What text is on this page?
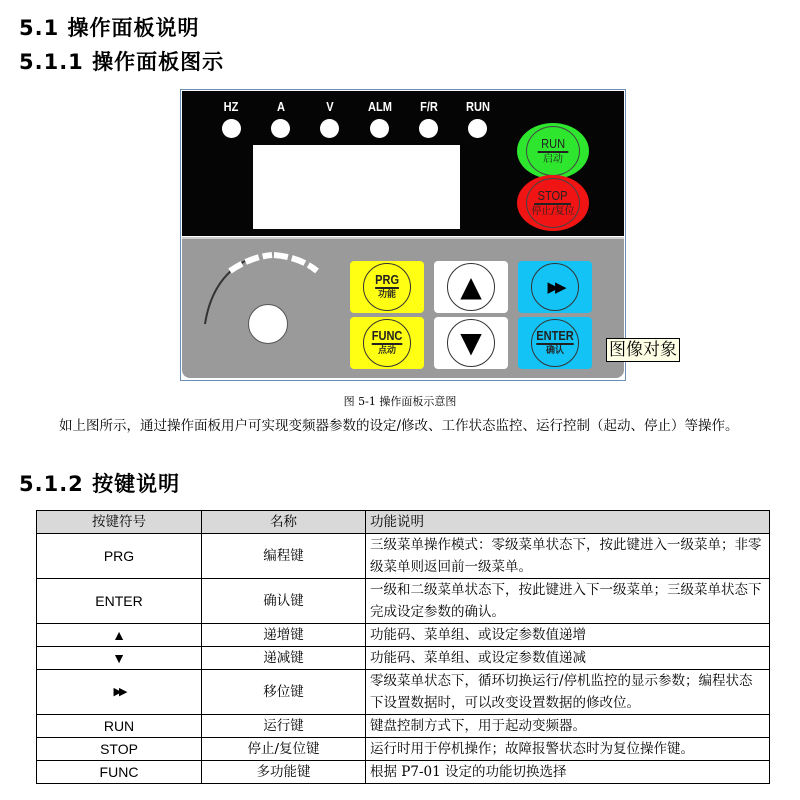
5.1 操作面板说明
5.1.1 操作面板图示
HZ	A	V	ALM F/R RUN
RUN
启动
STOP
停止/复位
PRG
功能
FUNC
点动
▲
▼
▶▶
ENTER
确认	图像对象
图 5-1 操作面板示意图
如上图所示，通过操作面板用户可实现变频器参数的设定/修改、工作状态监控、运行控制（起动、停止）等操作。
5.1.2 按键说明
按键符号	名称	功能说明
PRG	编程键	三级菜单操作模式：零级菜单状态下，按此键进入一级菜单；非零级菜单则返回前一级菜单。
ENTER	确认键	一级和二级菜单状态下，按此键进入下一级菜单；三级菜单状态下完成设定参数的确认。
▲	递增键	功能码、菜单组、或设定参数值递增
▼	递减键	功能码、菜单组、或设定参数值递减
▶▶	移位键	零级菜单状态下，循环切换运行/停机监控的显示参数；编程状态下设置数据时，可以改变设置数据的修改位。
RUN	运行键	键盘控制方式下，用于起动变频器。
STOP	停止/复位键	运行时用于停机操作；故障报警状态时为复位操作键。
FUNC	多功能键	根据 P7-01 设定的功能切换选择
